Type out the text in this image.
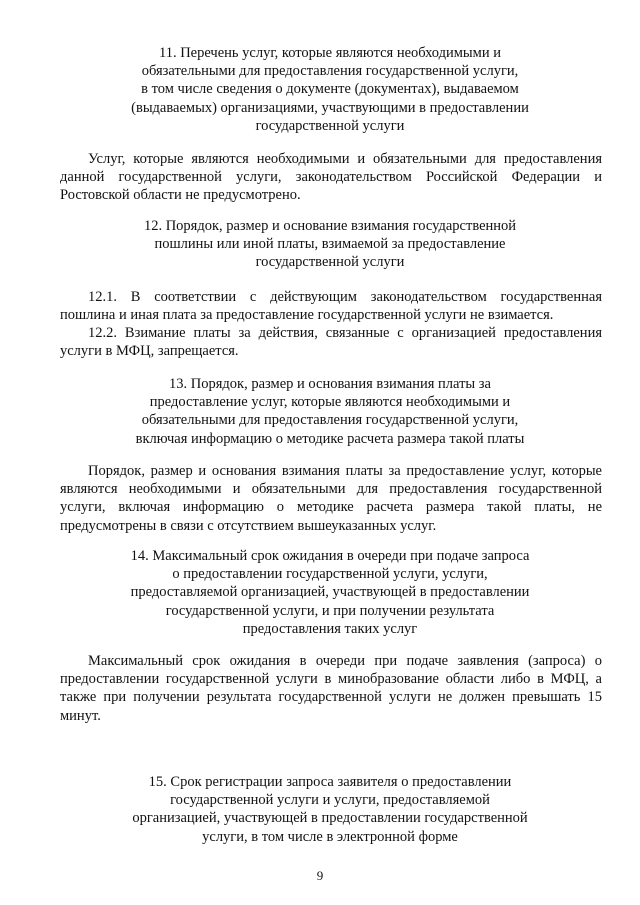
11. Перечень услуг, которые являются необходимыми и
обязательными для предоставления государственной услуги,
в том числе сведения о документе (документах), выдаваемом
(выдаваемых) организациями, участвующими в предоставлении
государственной услуги
Услуг, которые являются необходимыми и обязательными для предоставления
данной государственной услуги, законодательством Российской Федерации и
Ростовской области не предусмотрено.
12. Порядок, размер и основание взимания государственной
пошлины или иной платы, взимаемой за предоставление
государственной услуги
12.1. В соответствии с действующим законодательством государственная
пошлина и иная плата за предоставление государственной услуги не взимается.
12.2. Взимание платы за действия, связанные с организацией предоставления
услуги в МФЦ, запрещается.
13. Порядок, размер и основания взимания платы за
предоставление услуг, которые являются необходимыми и
обязательными для предоставления государственной услуги,
включая информацию о методике расчета размера такой платы
Порядок, размер и основания взимания платы за предоставление услуг, которые
являются необходимыми и обязательными для предоставления государственной
услуги, включая информацию о методике расчета размера такой платы, не
предусмотрены в связи с отсутствием вышеуказанных услуг.
14. Максимальный срок ожидания в очереди при подаче запроса
о предоставлении государственной услуги, услуги,
предоставляемой организацией, участвующей в предоставлении
государственной услуги, и при получении результата
предоставления таких услуг
Максимальный срок ожидания в очереди при подаче заявления (запроса) о
предоставлении государственной услуги в минобразование области либо в МФЦ, а
также при получении результата государственной услуги не должен превышать 15
минут.
15. Срок регистрации запроса заявителя о предоставлении
государственной услуги и услуги, предоставляемой
организацией, участвующей в предоставлении государственной
услуги, в том числе в электронной форме
9
